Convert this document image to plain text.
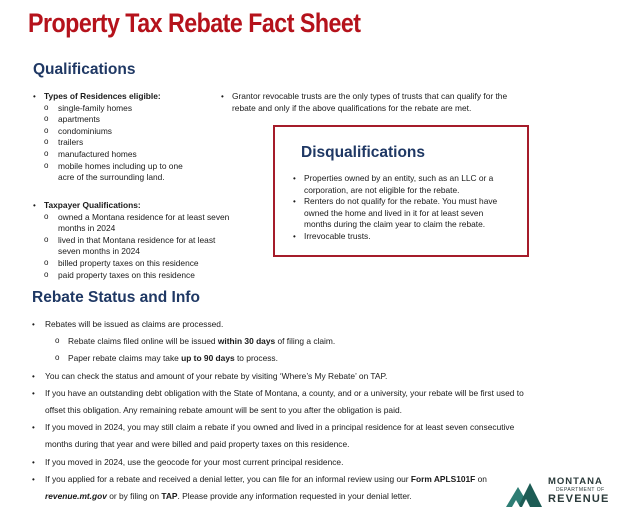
Property Tax Rebate Fact Sheet
Qualifications
• Types of Residences eligible:
o single-family homes
o apartments
o condominiums
o trailers
o manufactured homes
o mobile homes including up to one acre of the surrounding land.
• Taxpayer Qualifications:
o owned a Montana residence for at least seven months in 2024
o lived in that Montana residence for at least seven months in 2024
o billed property taxes on this residence
o paid property taxes on this residence
• Grantor revocable trusts are the only types of trusts that can qualify for the rebate and only if the above qualifications for the rebate are met.
Disqualifications
• Properties owned by an entity, such as an LLC or a corporation, are not eligible for the rebate.
• Renters do not qualify for the rebate. You must have owned the home and lived in it for at least seven months during the claim year to claim the rebate.
• Irrevocable trusts.
Rebate Status and Info
• Rebates will be issued as claims are processed.
o Rebate claims filed online will be issued within 30 days of filing a claim.
o Paper rebate claims may take up to 90 days to process.
• You can check the status and amount of your rebate by visiting ‘Where’s My Rebate’ on TAP.
• If you have an outstanding debt obligation with the State of Montana, a county, and or a university, your rebate will be first used to
offset this obligation. Any remaining rebate amount will be sent to you after the obligation is paid.
• If you moved in 2024, you may still claim a rebate if you owned and lived in a principal residence for at least seven consecutive
months during that year and were billed and paid property taxes on this residence.
• If you moved in 2024, use the geocode for your most current principal residence.
• If you applied for a rebate and received a denial letter, you can file for an informal review using our Form APLS101F on
revenue.mt.gov or by filing on TAP. Please provide any information requested in your denial letter.
MONTANA
DEPARTMENT OF
REVENUE
